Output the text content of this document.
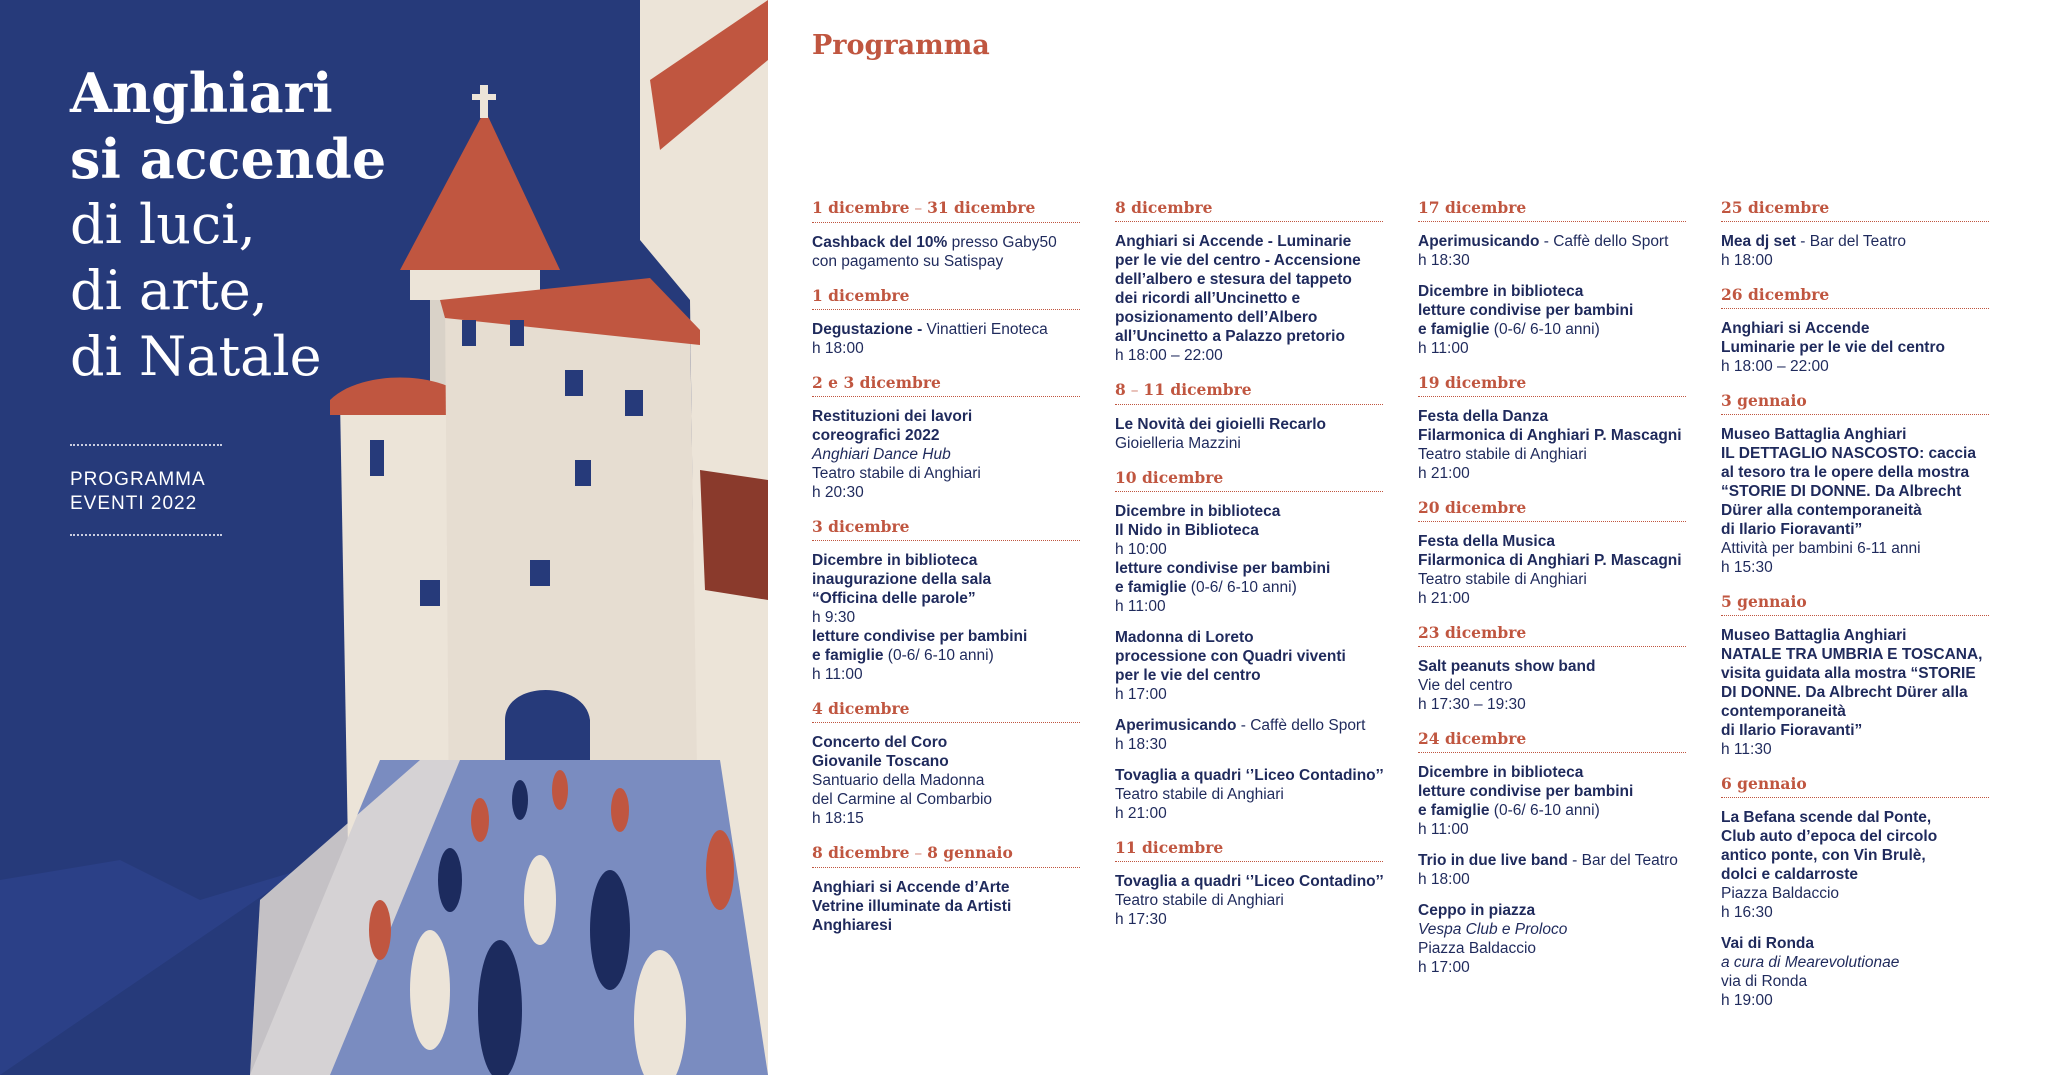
Anghiari
si accende
di luci,
di arte,
di Natale
PROGRAMMA
EVENTI 2022
Programma
1 dicembre – 31 dicembre
Cashback del 10% presso Gaby50
con pagamento su Satispay
1 dicembre
Degustazione - Vinattieri Enoteca
h 18:00
2 e 3 dicembre
Restituzioni dei lavori
coreografici 2022
Anghiari Dance Hub
Teatro stabile di Anghiari
h 20:30
3 dicembre
Dicembre in biblioteca
inaugurazione della sala
“Officina delle parole”
h 9:30
letture condivise per bambini
e famiglie (0-6/ 6-10 anni)
h 11:00
4 dicembre
Concerto del Coro
Giovanile Toscano
Santuario della Madonna
del Carmine al Combarbio
h 18:15
8 dicembre – 8 gennaio
Anghiari si Accende d’Arte
Vetrine illuminate da Artisti
Anghiaresi
8 dicembre
Anghiari si Accende - Luminarie
per le vie del centro - Accensione
dell’albero e stesura del tappeto
dei ricordi all’Uncinetto e
posizionamento dell’Albero
all’Uncinetto a Palazzo pretorio
h 18:00 – 22:00
8 – 11 dicembre
Le Novità dei gioielli Recarlo
Gioielleria Mazzini
10 dicembre
Dicembre in biblioteca
Il Nido in Biblioteca
h 10:00
letture condivise per bambini
e famiglie (0-6/ 6-10 anni)
h 11:00
Madonna di Loreto
processione con Quadri viventi
per le vie del centro
h 17:00
Aperimusicando - Caffè dello Sport
h 18:30
Tovaglia a quadri ‘’Liceo Contadino’’
Teatro stabile di Anghiari
h 21:00
11 dicembre
Tovaglia a quadri ‘’Liceo Contadino’’
Teatro stabile di Anghiari
h 17:30
17 dicembre
Aperimusicando - Caffè dello Sport
h 18:30
Dicembre in biblioteca
letture condivise per bambini
e famiglie (0-6/ 6-10 anni)
h 11:00
19 dicembre
Festa della Danza
Filarmonica di Anghiari P. Mascagni
Teatro stabile di Anghiari
h 21:00
20 dicembre
Festa della Musica
Filarmonica di Anghiari P. Mascagni
Teatro stabile di Anghiari
h 21:00
23 dicembre
Salt peanuts show band
Vie del centro
h 17:30 – 19:30
24 dicembre
Dicembre in biblioteca
letture condivise per bambini
e famiglie (0-6/ 6-10 anni)
h 11:00
Trio in due live band - Bar del Teatro
h 18:00
Ceppo in piazza
Vespa Club e Proloco
Piazza Baldaccio
h 17:00
25 dicembre
Mea dj set - Bar del Teatro
h 18:00
26 dicembre
Anghiari si Accende
Luminarie per le vie del centro
h 18:00 – 22:00
3 gennaio
Museo Battaglia Anghiari
IL DETTAGLIO NASCOSTO: caccia
al tesoro tra le opere della mostra
“STORIE DI DONNE. Da Albrecht
Dürer alla contemporaneità
di Ilario Fioravanti”
Attività per bambini 6-11 anni
h 15:30
5 gennaio
Museo Battaglia Anghiari
NATALE TRA UMBRIA E TOSCANA,
visita guidata alla mostra “STORIE
DI DONNE. Da Albrecht Dürer alla
contemporaneità
di Ilario Fioravanti”
h 11:30
6 gennaio
La Befana scende dal Ponte,
Club auto d’epoca del circolo
antico ponte, con Vin Brulè,
dolci e caldarroste
Piazza Baldaccio
h 16:30
Vai di Ronda
a cura di Mearevolutionae
via di Ronda
h 19:00
